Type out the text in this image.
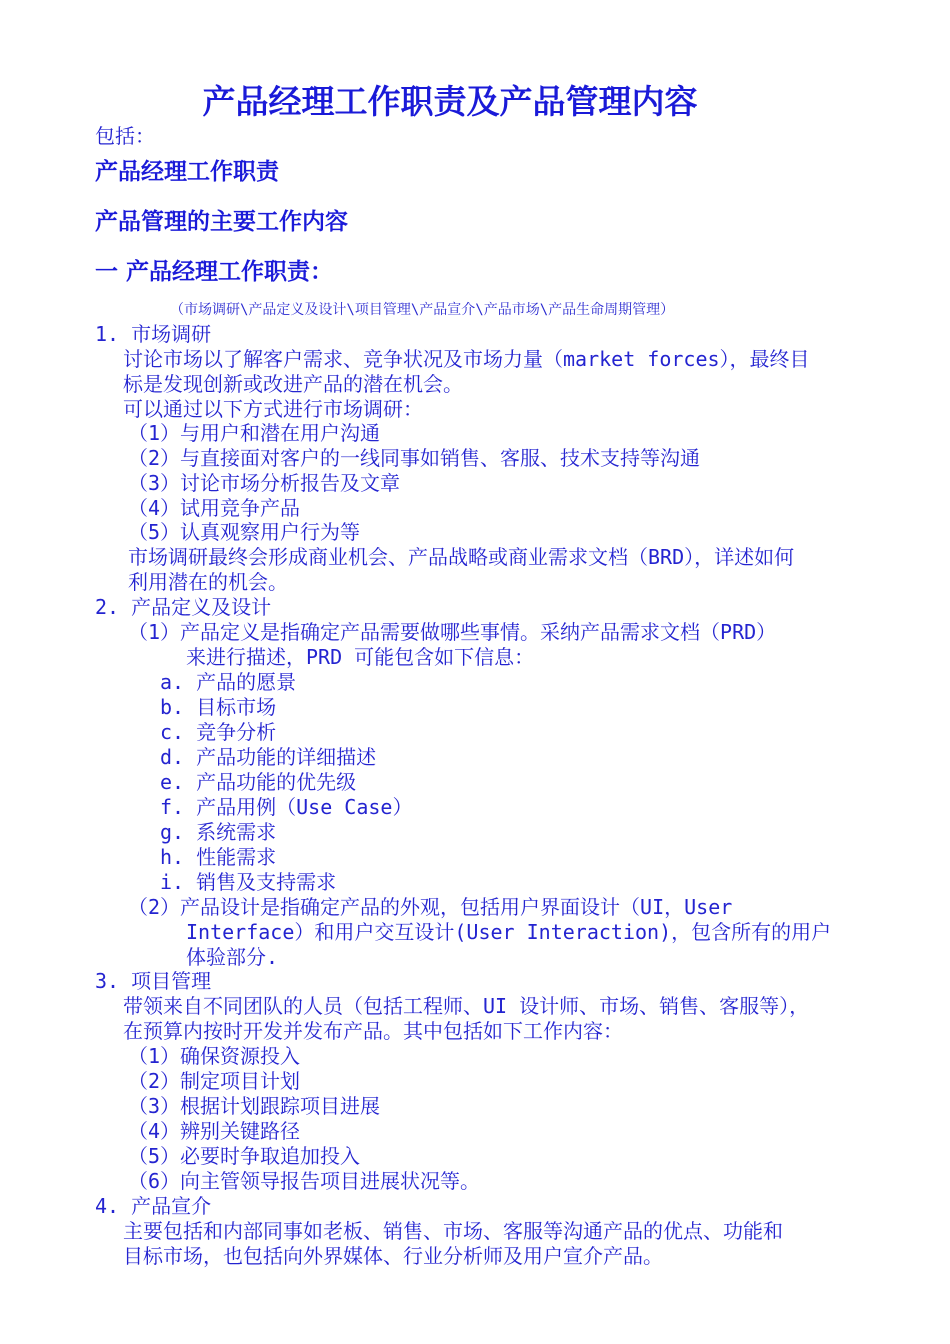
产品经理工作职责及产品管理内容
包括：
产品经理工作职责
产品管理的主要工作内容
一 产品经理工作职责：
（市场调研\产品定义及设计\项目管理\产品宣介\产品市场\产品生命周期管理）
1. 市场调研
讨论市场以了解客户需求、竞争状况及市场力量（market forces），最终目
标是发现创新或改进产品的潜在机会。
可以通过以下方式进行市场调研：
（1）与用户和潜在用户沟通
（2）与直接面对客户的一线同事如销售、客服、技术支持等沟通
（3）讨论市场分析报告及文章
（4）试用竞争产品
（5）认真观察用户行为等
市场调研最终会形成商业机会、产品战略或商业需求文档（BRD），详述如何
利用潜在的机会。
2. 产品定义及设计
（1）产品定义是指确定产品需要做哪些事情。采纳产品需求文档（PRD）
来进行描述，PRD 可能包含如下信息：
a. 产品的愿景
b. 目标市场
c. 竞争分析
d. 产品功能的详细描述
e. 产品功能的优先级
f. 产品用例（Use Case）
g. 系统需求
h. 性能需求
i. 销售及支持需求
（2）产品设计是指确定产品的外观，包括用户界面设计（UI，User
Interface）和用户交互设计(User Interaction)，包含所有的用户
体验部分.
3. 项目管理
带领来自不同团队的人员（包括工程师、UI 设计师、市场、销售、客服等），
在预算内按时开发并发布产品。其中包括如下工作内容：
（1）确保资源投入
（2）制定项目计划
（3）根据计划跟踪项目进展
（4）辨别关键路径
（5）必要时争取追加投入
（6）向主管领导报告项目进展状况等。
4. 产品宣介
主要包括和内部同事如老板、销售、市场、客服等沟通产品的优点、功能和
目标市场，也包括向外界媒体、行业分析师及用户宣介产品。
